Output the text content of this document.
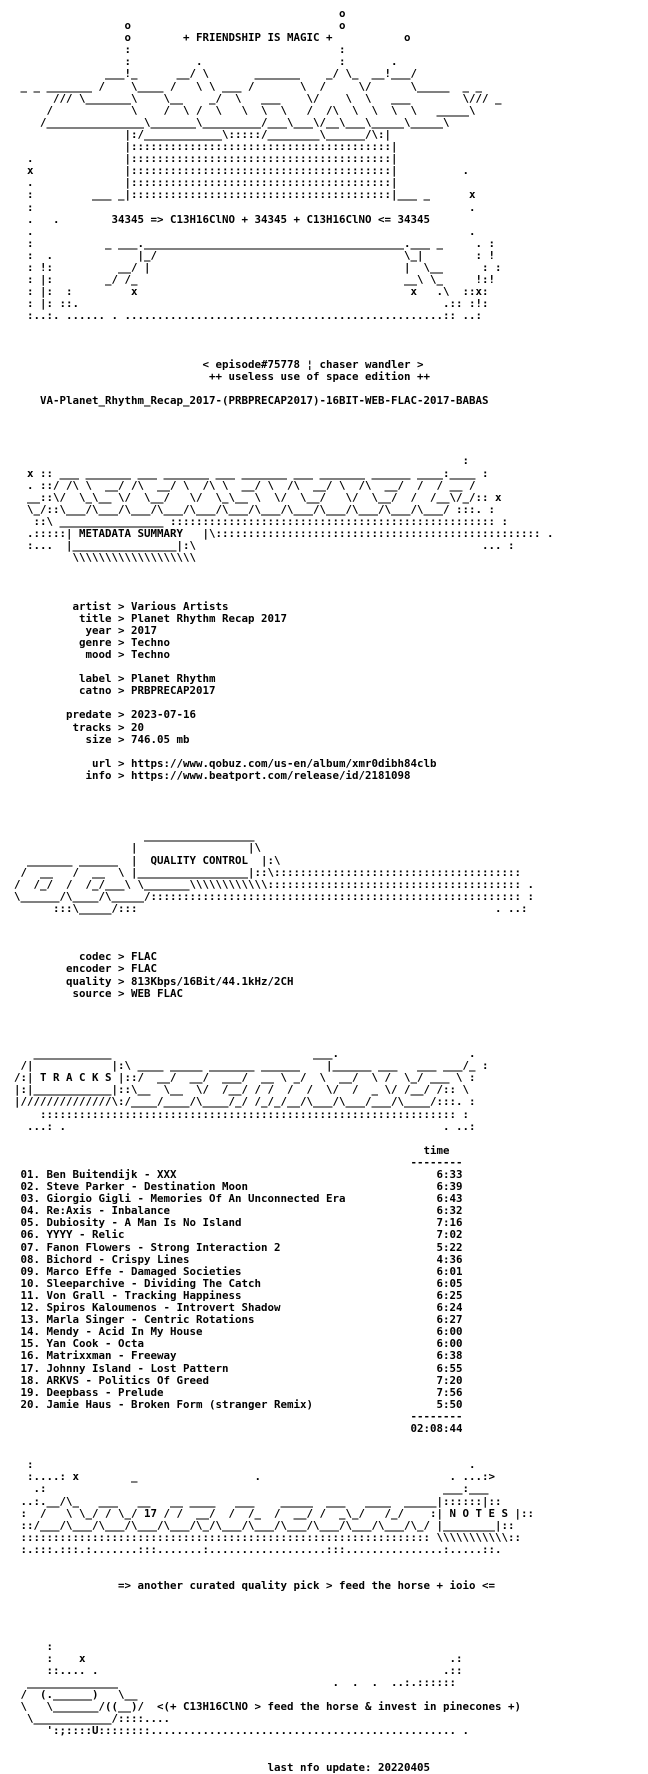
o
o                                o
o	+ FRIENDSHIP IS MAGIC +	o
:                                :
:          .                     :       .
___!_      __/ \       _______    _/ \_  __!___/
_ _ _______ /    \____ /   \ \ ___ /       \  /     \/      \_____  _ _
/// \_______\    \__    _/  \   ___    \/    \  \   ___        \/// _
/            \    /  \ /  \   \  \  \   /  /\  \  \  \  \   _____\
/_______________\_______\_________/___\___\/__\___\_____\_____\
|:/____________\:::::/________\______/\:|
|::::::::::::::::::::::::::::::::::::::::|
.              |::::::::::::::::::::::::::::::::::::::::|
x              |::::::::::::::::::::::::::::::::::::::::|          .
.              |::::::::::::::::::::::::::::::::::::::::|
:         ___ _|::::::::::::::::::::::::::::::::::::::::|___ _      x
:                                                                   .
.   .        34345 => C13H16ClNO + 34345 + C13H16ClNO <= 34345
.                                                                   .
:           _ ___.________________________________________.___ _     . :
:  .             |_/                                      \_|        : !
: !:          __/ |                                       |  \__      : :
: |:        _/ /_                                         __\ \_     !:!
: |:  :         x                                          x   .\  ::x:
: |: ::.                                                        .:: :!:
:..:. ...... . .................................................:: ..:

< episode#75778 ¦ chaser wandler >
++ useless use of space edition ++

VA-Planet_Rhythm_Recap_2017-(PRBPRECAP2017)-16BIT-WEB-FLAC-2017-BABAS

:
x :: ___ _______ ___ _______ ___ _______ ___ _______ ______ ____:____ :
. ::/ /\ \  __/ /\  __/ \  /\ \  __/ \  /\  __/ \  /\  __/  /  / __ /
__::\/  \_\__ \/  \__/   \/  \_\__ \  \/  \__/   \/  \__/  /  /__\/_/:: x
\_/::\___/\___/\___/\___/\___/\___/\___/\___/\___/\___/\___/\___/ :::. :
::\ ________________ :::::::::::::::::::::::::::::::::::::::::::::::::: :
.:::::| METADATA SUMMARY   |\:::::::::::::::::::::::::::::::::::::::::::::::::: .
:...  |________________|:\                                            ... :
\\\\\\\\\\\\\\\\\\\

artist > Various Artists
title > Planet Rhythm Recap 2017
year > 2017
genre > Techno
mood > Techno

label > Planet Rhythm
catno > PRBPRECAP2017

predate > 2023-07-16
tracks > 20
size > 746.05 mb

url > https://www.qobuz.com/us-en/album/xmr0dibh84clb
info > https://www.beatport.com/release/id/2181098

_________________
|                 |\
_______ ______  |  QUALITY CONTROL  |:\
/  __   /  __  \ |_________________|::\::::::::::::::::::::::::::::::::::::::
/  /_/  /  /_/___\ \_______\\\\\\\\\\\\::::::::::::::::::::::::::::::::::::::: .
\______/\____/\_____/::::::::::::::::::::::::::::::::::::::::::::::::::::::::: :
:::\_____/:::                                                       . ..:

codec > FLAC
encoder > FLAC
quality > 813Kbps/16Bit/44.1kHz/2CH
source > WEB FLAC

____________                               ___.                    .
/|            |:\ ____ _____ _______ ______    |______ ___   ___ ___/_ :
/:| T R A C K S |::/  __/  __/  ___/  __ \ _/  \  __/  \ /  \_/ ___ \ :
|:|____________|::\__  \__  \/  /__/ / /  /  /  \/  /  _ \/ /__/ /:: \
|//////////////\:/____/____/\____/_/ /_/_/__/\___/\___/___/\____/:::. :
:::::::::::::::::::::::::::::::::::::::::::::::::::::::::::::::: :
...: .                                                          . ..:

time
--------

01. Ben Buitendijk - XXX	6:33
02. Steve Parker - Destination Moon	6:39
03. Giorgio Gigli - Memories Of An Unconnected Era	6:43
04. Re:Axis - Inbalance	6:32
05. Dubiosity - A Man Is No Island	7:16
06. YYYY - Relic	7:02
07. Fanon Flowers - Strong Interaction 2	5:22
08. Bichord - Crispy Lines	4:36
09. Marco Effe - Damaged Societies	6:01
10. Sleeparchive - Dividing The Catch	6:05
11. Von Grall - Tracking Happiness	6:25
12. Spiros Kaloumenos - Introvert Shadow	6:24
13. Marla Singer - Centric Rotations	6:27
14. Mendy - Acid In My House	6:00
15. Yan Cook - Octa	6:00
16. Matrixxman - Freeway	6:38
17. Johnny Island - Lost Pattern	6:55
18. ARKVS - Politics Of Greed	7:20
19. Deepbass - Prelude	7:56
20. Jamie Haus - Broken Form (stranger Remix)	5:50
--------
02:08:44

:                                                                   .
:....: x        _                  .                             . ...:>
.:                                                             ___:___
..:.__/\_   ___   __   __ ____   ___    _____  ___   ____  _____|::::::|::
:  /   \ \_/ / \_/ 17 / /  __/  /  /_  /  __/ /  _\_/   /_/    :| N O T E S |::
::/___/\___/\___/\___/\___/\_/\___/\___/\___/\___/\___/\___/\_/ |________|::
::::::::::::::::::::::::::::::::::::::::::::::::::::::::::::::: \\\\\\\\\\\::
:.:::.:::.:.......:::.......:..................:::...............:.....::.

=> another curated quality pick > feed the horse + ioio <=

:
:    x                                                        .:
::.... .                                                     .::
______________                                 .  .  .  ..:.::::::
/  (.______)   \__
\   \_______/((__)/  <(+ C13H16ClNO > feed the horse & invest in pinecones +)
\____________/::::....
':;::::U::::::::............................................... .

last nfo update: 20220405
